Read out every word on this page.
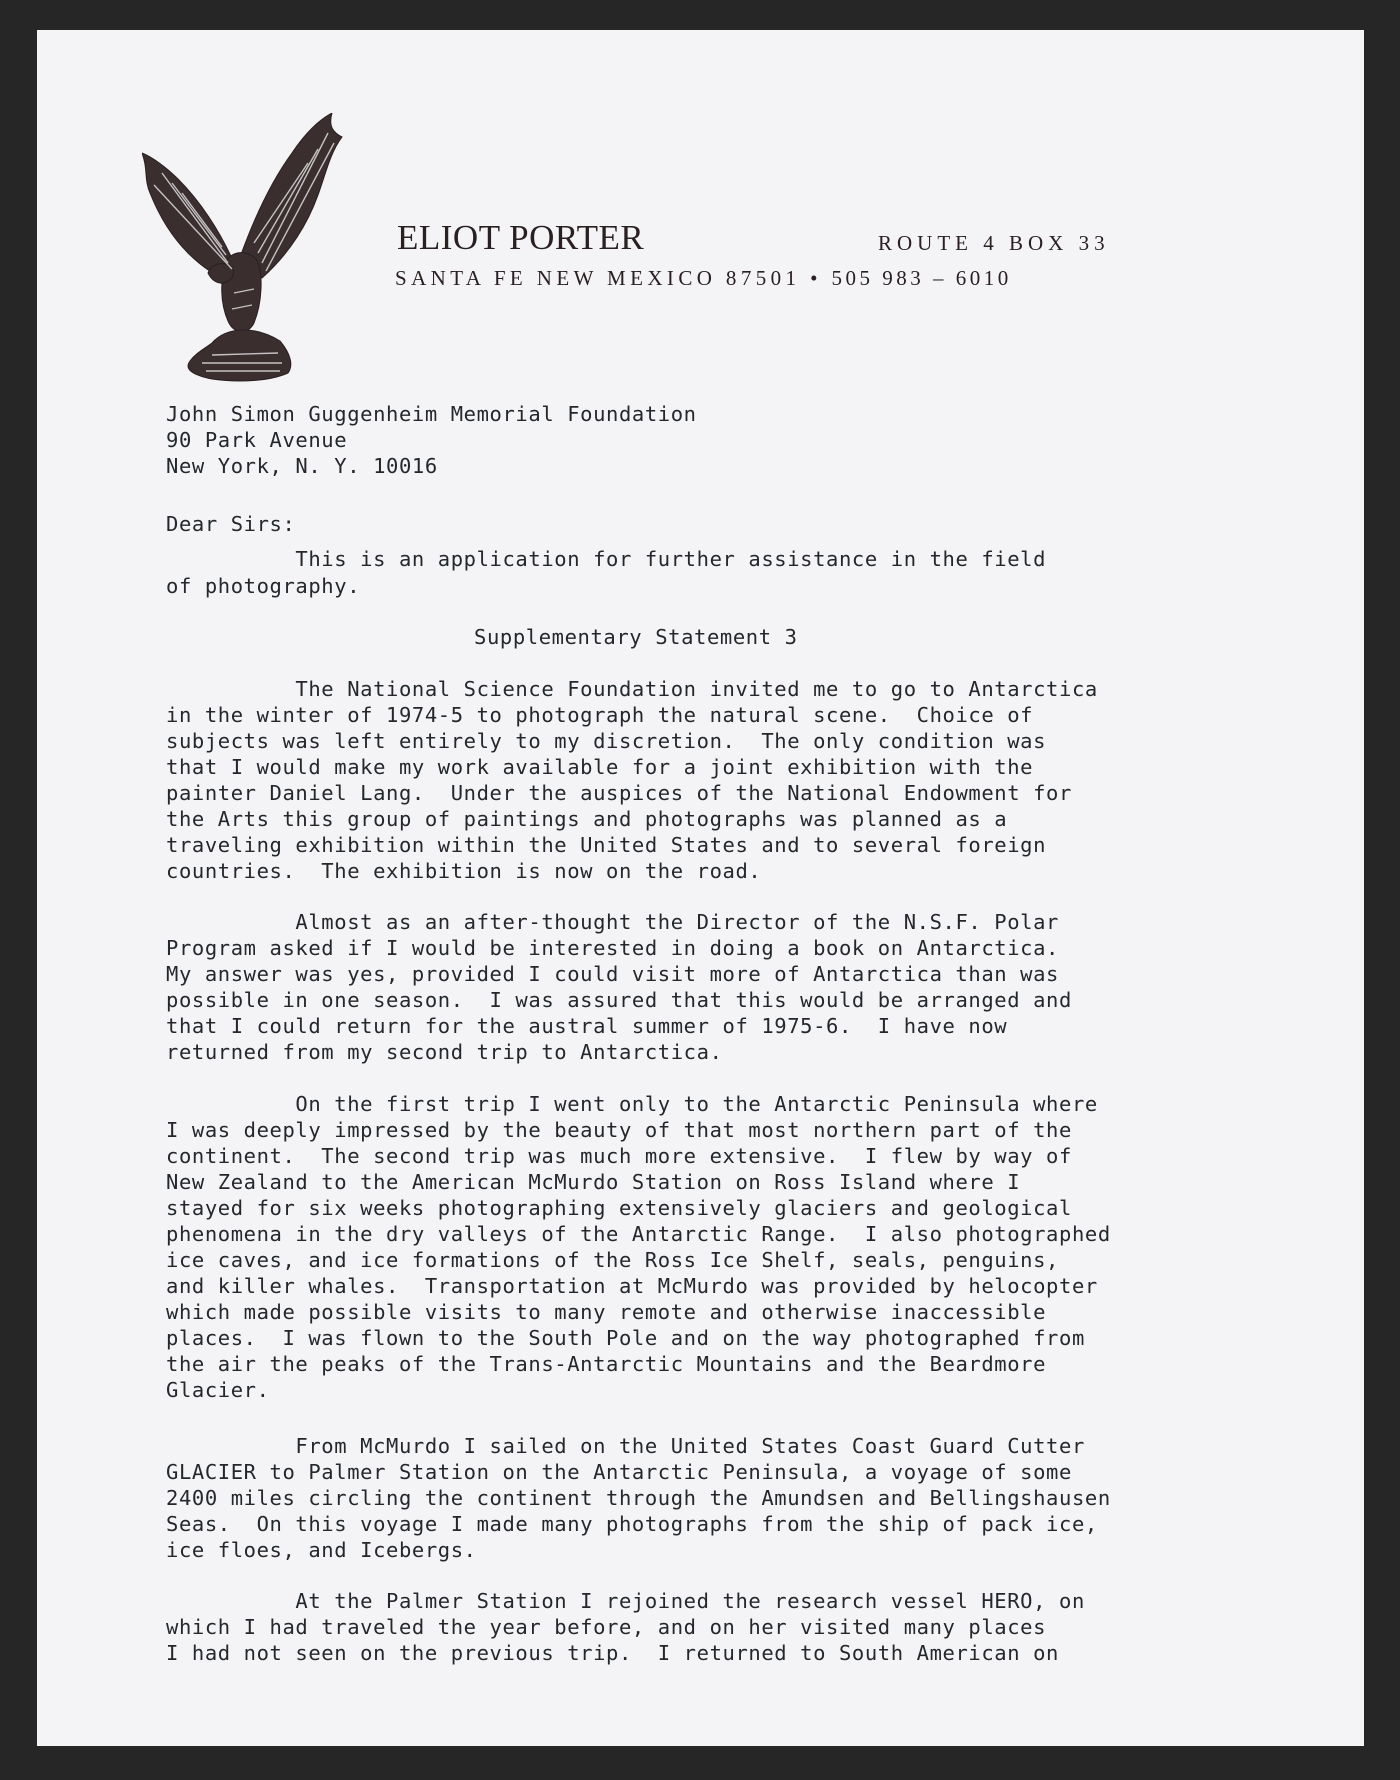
ELIOT PORTER	ROUTE 4 BOX 33
SANTA FE NEW MEXICO 87501 • 505 983 – 6010
John Simon Guggenheim Memorial Foundation
90 Park Avenue
New York, N. Y. 10016
Dear Sirs:
This is an application for further assistance in the field
of photography.
Supplementary Statement 3
The National Science Foundation invited me to go to Antarctica
in the winter of 1974-5 to photograph the natural scene.  Choice of
subjects was left entirely to my discretion.  The only condition was
that I would make my work available for a joint exhibition with the
painter Daniel Lang.  Under the auspices of the National Endowment for
the Arts this group of paintings and photographs was planned as a
traveling exhibition within the United States and to several foreign
countries.  The exhibition is now on the road.
Almost as an after-thought the Director of the N.S.F. Polar
Program asked if I would be interested in doing a book on Antarctica.
My answer was yes, provided I could visit more of Antarctica than was
possible in one season.  I was assured that this would be arranged and
that I could return for the austral summer of 1975-6.  I have now
returned from my second trip to Antarctica.
On the first trip I went only to the Antarctic Peninsula where
I was deeply impressed by the beauty of that most northern part of the
continent.  The second trip was much more extensive.  I flew by way of
New Zealand to the American McMurdo Station on Ross Island where I
stayed for six weeks photographing extensively glaciers and geological
phenomena in the dry valleys of the Antarctic Range.  I also photographed
ice caves, and ice formations of the Ross Ice Shelf, seals, penguins,
and killer whales.  Transportation at McMurdo was provided by helocopter
which made possible visits to many remote and otherwise inaccessible
places.  I was flown to the South Pole and on the way photographed from
the air the peaks of the Trans-Antarctic Mountains and the Beardmore
Glacier.
From McMurdo I sailed on the United States Coast Guard Cutter
GLACIER to Palmer Station on the Antarctic Peninsula, a voyage of some
2400 miles circling the continent through the Amundsen and Bellingshausen
Seas.  On this voyage I made many photographs from the ship of pack ice,
ice floes, and Icebergs.
At the Palmer Station I rejoined the research vessel HERO, on
which I had traveled the year before, and on her visited many places
I had not seen on the previous trip.  I returned to South American on
